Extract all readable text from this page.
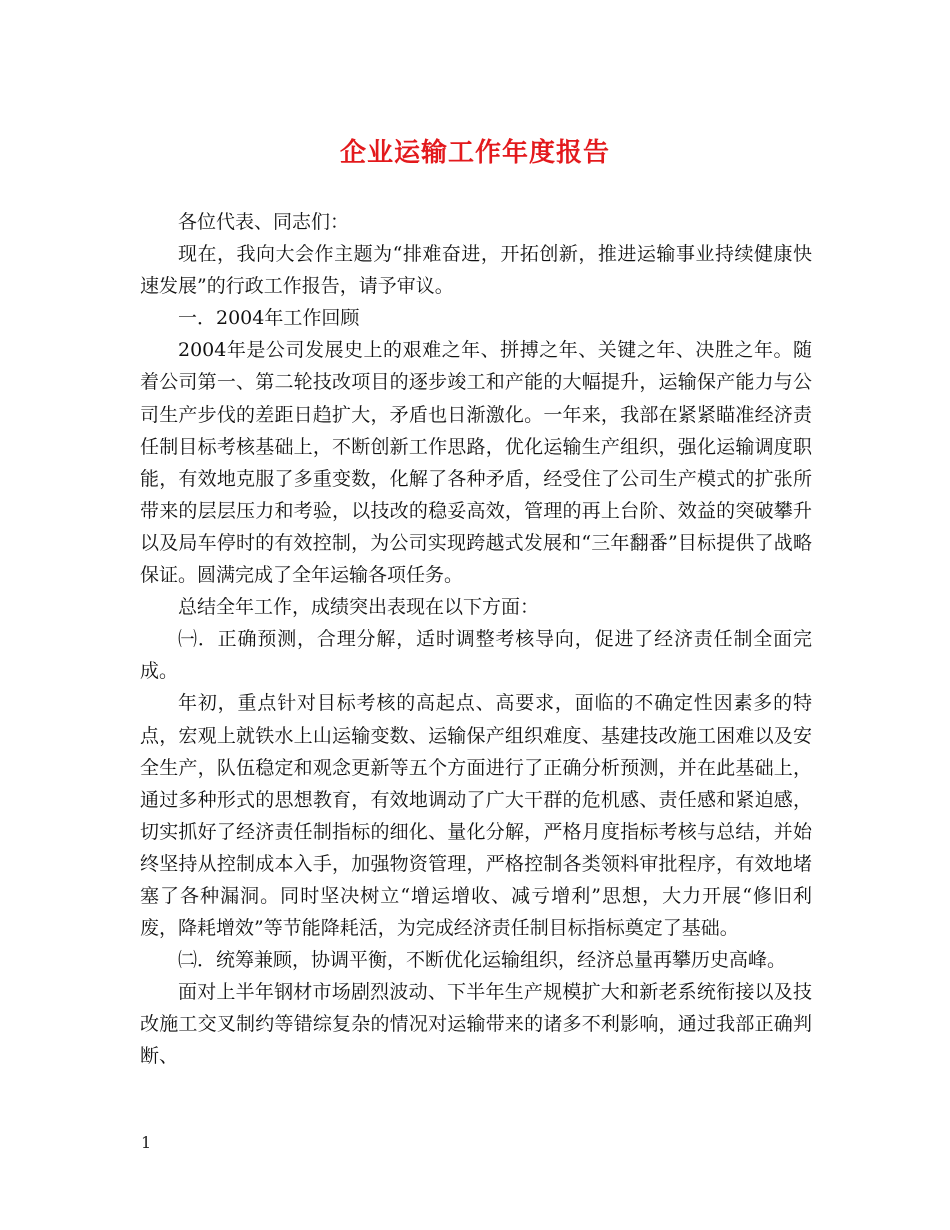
企业运输工作年度报告

各位代表、同志们：

现在，我向大会作主题为“排难奋进，开拓创新，推进运输事业持续健康快速发展”的行政工作报告，请予审议。

一．2004年工作回顾

2004年是公司发展史上的艰难之年、拼搏之年、关键之年、决胜之年。随着公司第一、第二轮技改项目的逐步竣工和产能的大幅提升，运输保产能力与公司生产步伐的差距日趋扩大，矛盾也日渐激化。一年来，我部在紧紧瞄准经济责任制目标考核基础上，不断创新工作思路，优化运输生产组织，强化运输调度职能，有效地克服了多重变数，化解了各种矛盾，经受住了公司生产模式的扩张所带来的层层压力和考验，以技改的稳妥高效，管理的再上台阶、效益的突破攀升以及局车停时的有效控制，为公司实现跨越式发展和“三年翻番”目标提供了战略保证。圆满完成了全年运输各项任务。

总结全年工作，成绩突出表现在以下方面：

㈠．正确预测，合理分解，适时调整考核导向，促进了经济责任制全面完成。

年初，重点针对目标考核的高起点、高要求，面临的不确定性因素多的特点，宏观上就铁水上山运输变数、运输保产组织难度、基建技改施工困难以及安全生产，队伍稳定和观念更新等五个方面进行了正确分析预测，并在此基础上，通过多种形式的思想教育，有效地调动了广大干群的危机感、责任感和紧迫感，切实抓好了经济责任制指标的细化、量化分解，严格月度指标考核与总结，并始终坚持从控制成本入手，加强物资管理，严格控制各类领料审批程序，有效地堵塞了各种漏洞。同时坚决树立“增运增收、减亏增利”思想，大力开展“修旧利废，降耗增效”等节能降耗活，为完成经济责任制目标指标奠定了基础。

㈡．统筹兼顾，协调平衡，不断优化运输组织，经济总量再攀历史高峰。

面对上半年钢材市场剧烈波动、下半年生产规模扩大和新老系统衔接以及技改施工交叉制约等错综复杂的情况对运输带来的诸多不利影响，通过我部正确判断、

1
